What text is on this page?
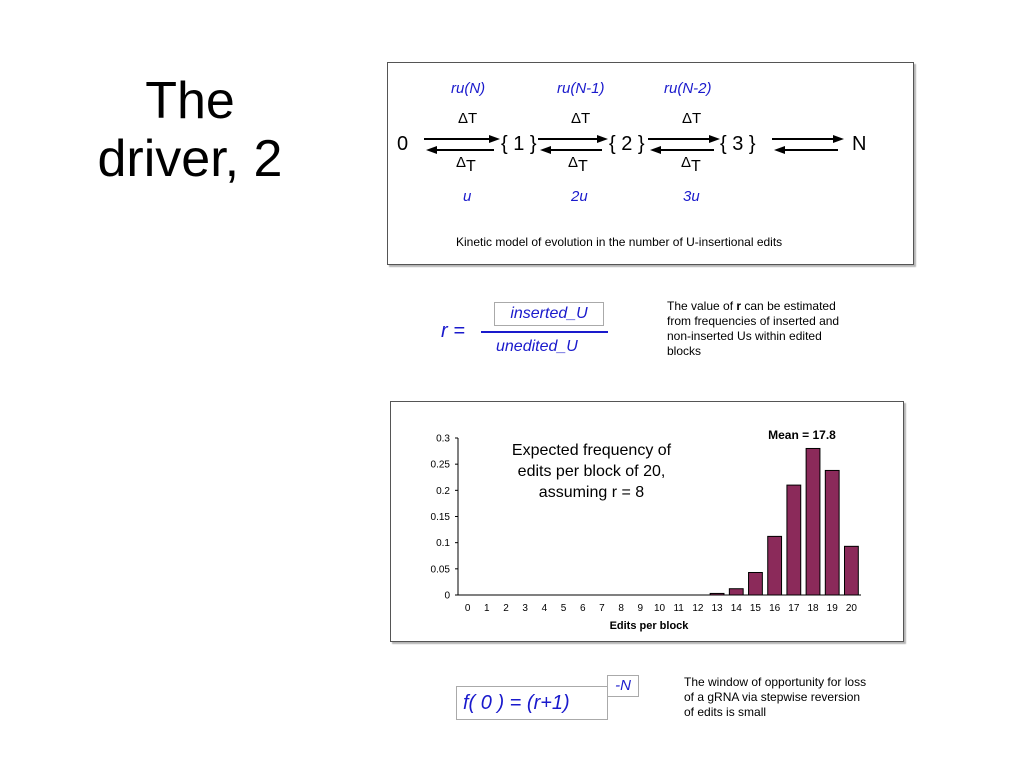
The
driver, 2
ru(N)	ru(N-1)	ru(N-2)
ΔT	ΔT	ΔT
0	{ 1 }	{ 2 }	{ 3 }	N
$\Delta_T$	$\Delta_T$	$\Delta_T$
u	2u	3u
Kinetic model of evolution in the number of U-insertional edits
r =
inserted_U
unedited_U
The value of r can be estimated from frequencies of inserted and non-inserted Us within edited blocks
0
0.05
0.1
0.15
0.2
0.25
0.3
0 1 2 3 4 5 6 7 8 9 10 11 12 13 14 15 16 17 18 19 20
Edits per block
Mean = 17.8
Expected frequency of edits per block of 20, assuming r = 8
f( 0 ) = (r+1)
-N	The window of opportunity for loss of a gRNA via stepwise reversion of edits is small
